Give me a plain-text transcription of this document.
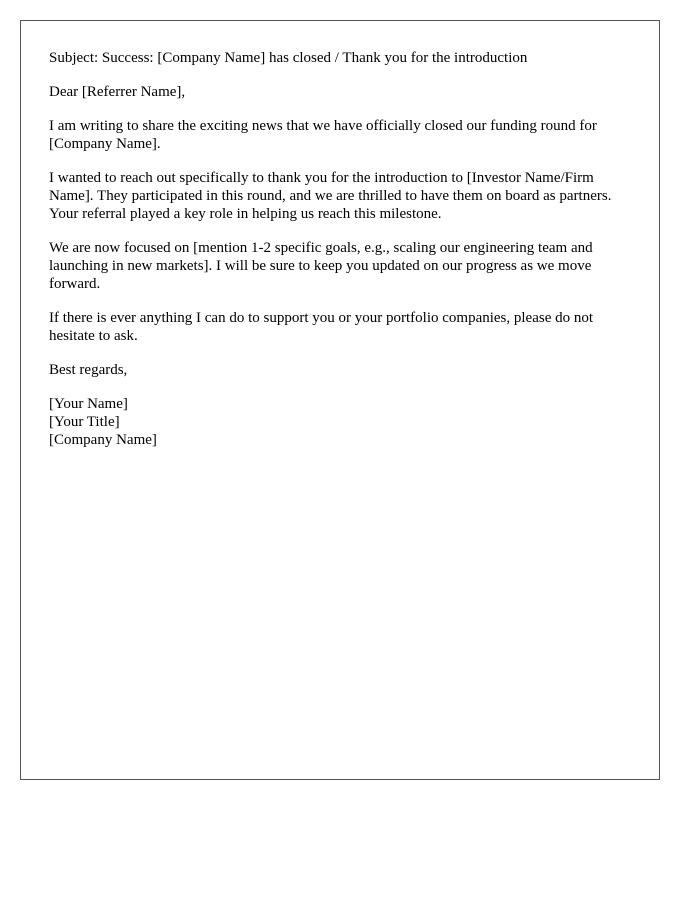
Subject: Success: [Company Name] has closed / Thank you for the introduction

Dear [Referrer Name],

I am writing to share the exciting news that we have officially closed our funding round for [Company Name].

I wanted to reach out specifically to thank you for the introduction to [Investor Name/Firm Name]. They participated in this round, and we are thrilled to have them on board as partners. Your referral played a key role in helping us reach this milestone.

We are now focused on [mention 1-2 specific goals, e.g., scaling our engineering team and launching in new markets]. I will be sure to keep you updated on our progress as we move forward.

If there is ever anything I can do to support you or your portfolio companies, please do not hesitate to ask.

Best regards,

[Your Name]
[Your Title]
[Company Name]
